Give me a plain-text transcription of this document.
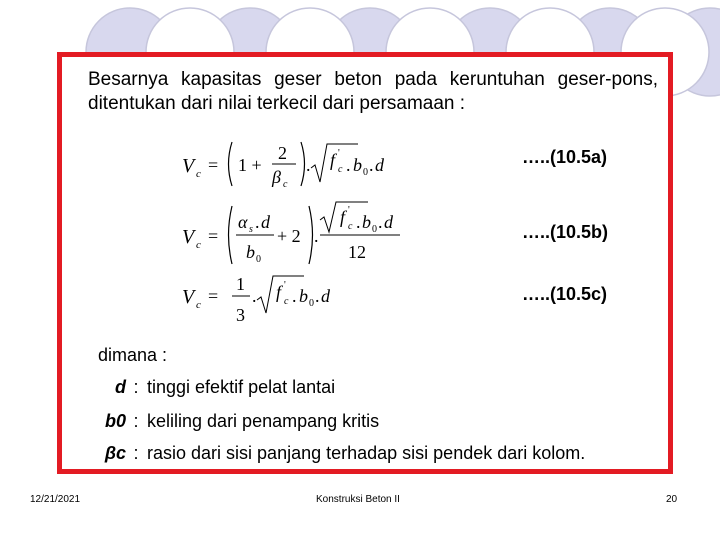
Besarnya kapasitas geser beton pada keruntuhan geser-pons, ditentukan dari nilai terkecil dari persamaan :
V c = 1 +
2
β c
. f '
c . b 0 . d	…..(10.5a)
V c =
α s . d
b 0
+ 2 .
f '
c . b 0 . d
12
…..(10.5b)
V c =
1
3
. f '
c . b 0 . d	…..(10.5c)
dimana :
d : tinggi efektif pelat lantai
b0 : keliling dari penampang kritis
βc : rasio dari sisi panjang terhadap sisi pendek dari kolom.
12/21/2021	Konstruksi Beton II	20
